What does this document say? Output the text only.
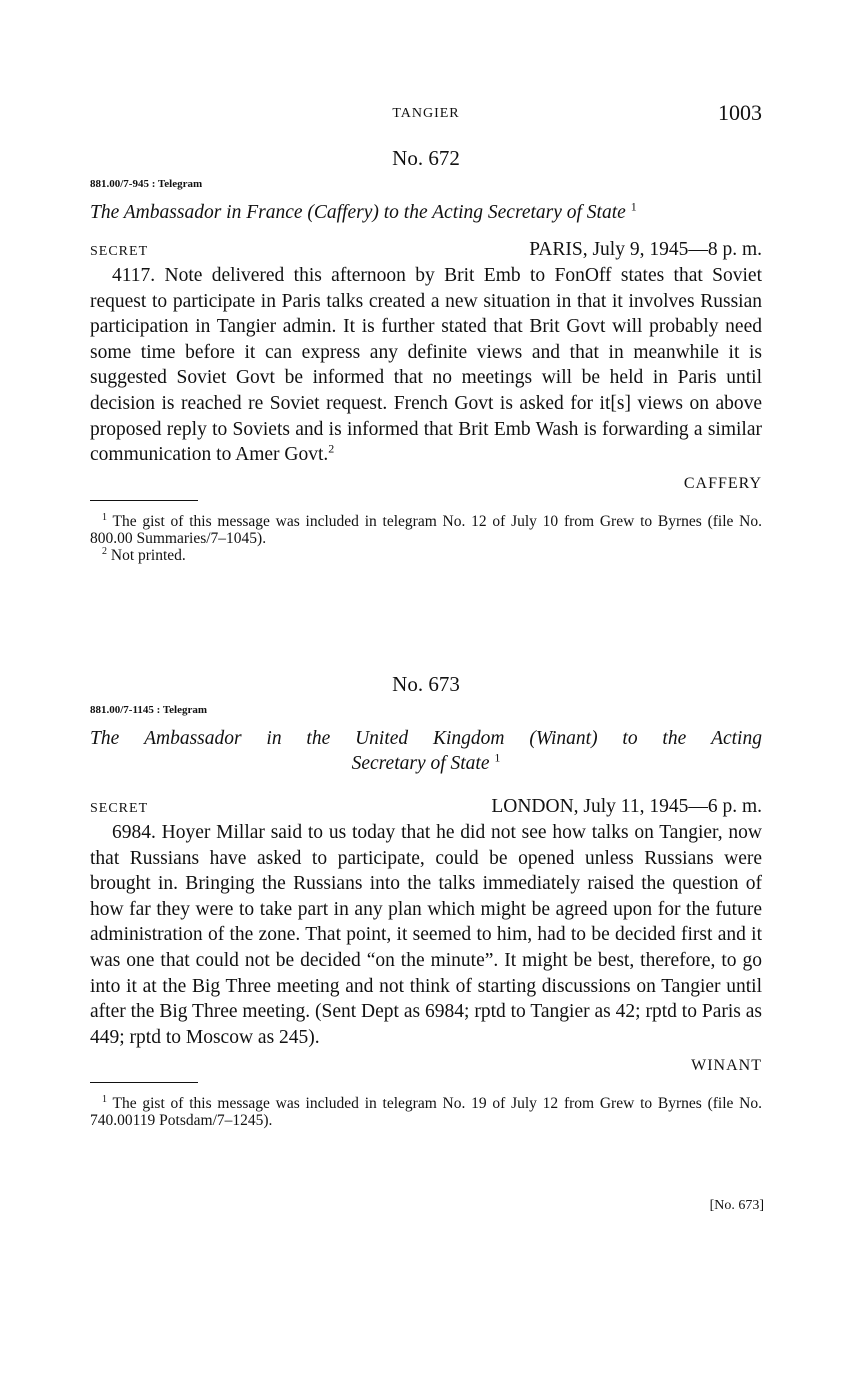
TANGIER	1003

No. 672

881.00/7-945 : Telegram

The Ambassador in France (Caffery) to the Acting Secretary of State $^1$

SECRET	PARIS, July 9, 1945—8 p. m.

4117. Note delivered this afternoon by Brit Emb to FonOff states that Soviet request to participate in Paris talks created a new situation in that it involves Russian participation in Tangier admin. It is further stated that Brit Govt will probably need some time before it can express any definite views and that in meanwhile it is suggested Soviet Govt be informed that no meetings will be held in Paris until decision is reached re Soviet request. French Govt is asked for it[s] views on above proposed reply to Soviets and is informed that Brit Emb Wash is forwarding a similar communication to Amer Govt.$^2$

CAFFERY

$^1$ The gist of this message was included in telegram No. 12 of July 10 from Grew to Byrnes (file No. 800.00 Summaries/7–1045).

$^2$ Not printed.

No. 673

881.00/7-1145 : Telegram

The Ambassador in the United Kingdom (Winant) to the Acting
Secretary of State $^1$

SECRET	LONDON, July 11, 1945—6 p. m.

6984. Hoyer Millar said to us today that he did not see how talks on Tangier, now that Russians have asked to participate, could be opened unless Russians were brought in. Bringing the Russians into the talks immediately raised the question of how far they were to take part in any plan which might be agreed upon for the future administration of the zone. That point, it seemed to him, had to be decided first and it was one that could not be decided “on the minute”. It might be best, therefore, to go into it at the Big Three meeting and not think of starting discussions on Tangier until after the Big Three meeting. (Sent Dept as 6984; rptd to Tangier as 42; rptd to Paris as 449; rptd to Moscow as 245).

WINANT

$^1$ The gist of this message was included in telegram No. 19 of July 12 from Grew to Byrnes (file No. 740.00119 Potsdam/7–1245).

[No. 673]
